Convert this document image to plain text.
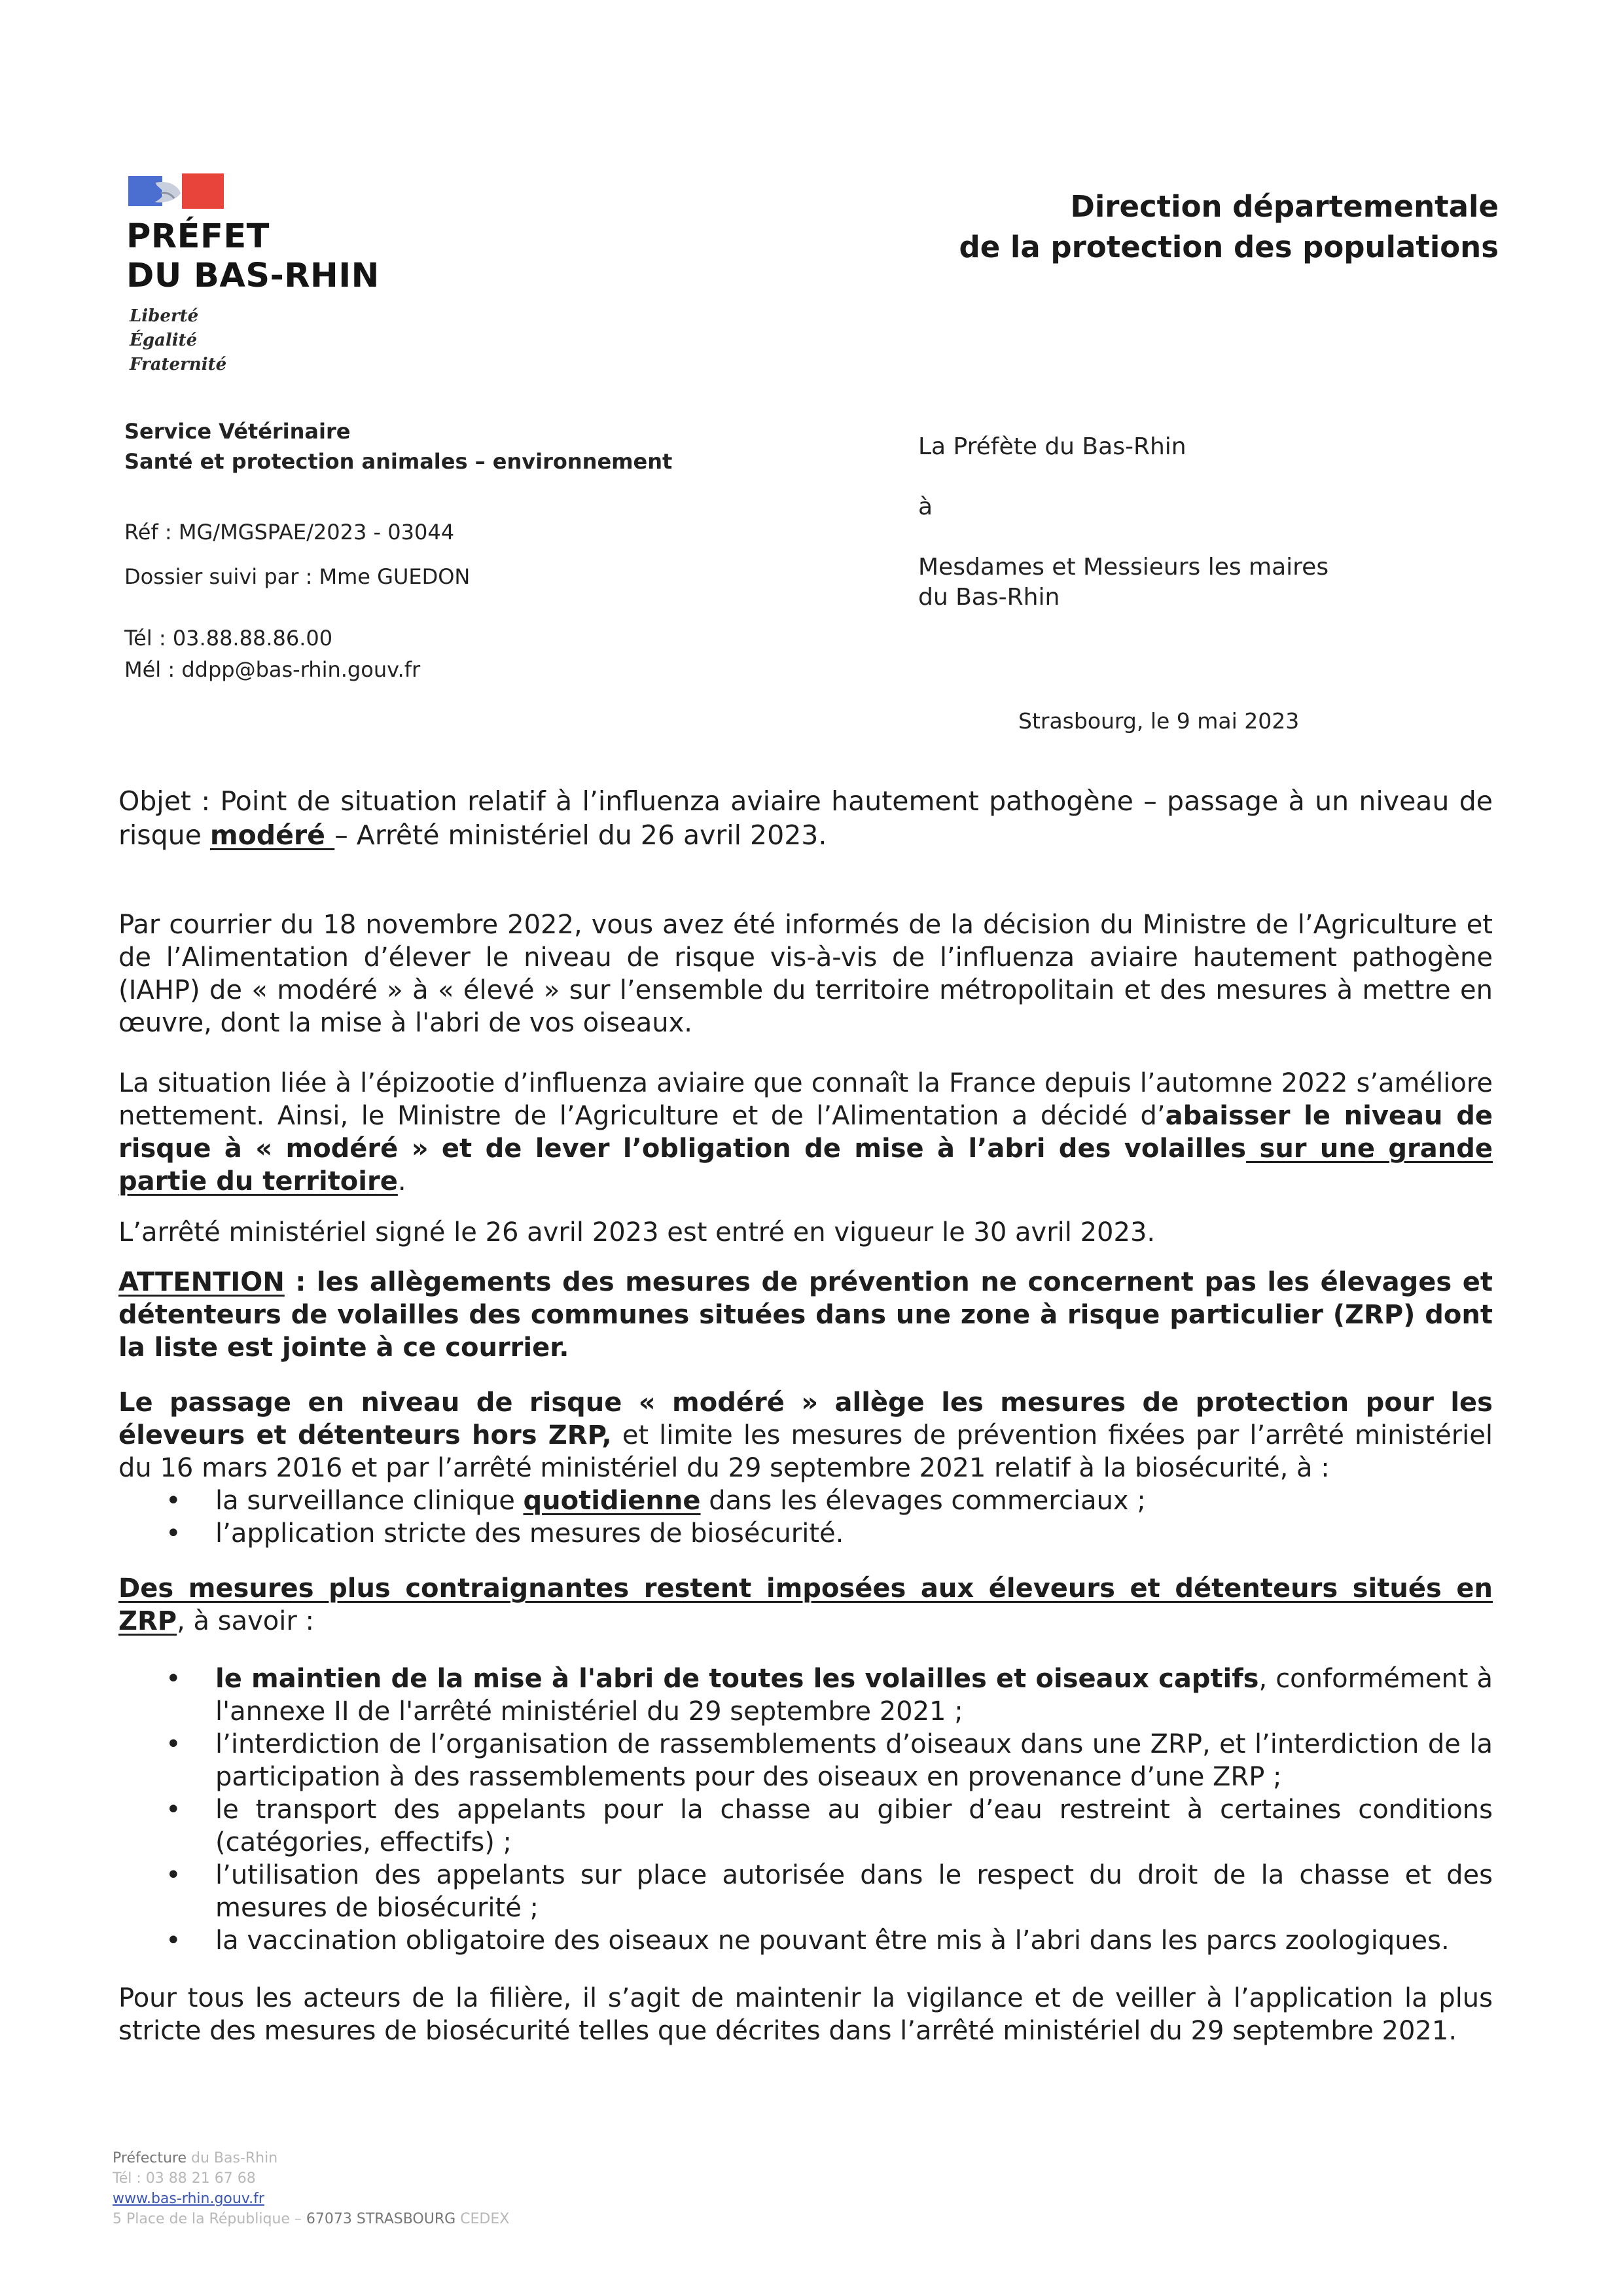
PRÉFET
DU BAS-RHIN
Liberté
Égalité
Fraternité
Direction départementale
de la protection des populations
Service Vétérinaire
Santé et protection animales – environnement
Réf : MG/MGSPAE/2023 - 03044
Dossier suivi par : Mme GUEDON
Tél : 03.88.88.86.00
Mél : ddpp@bas-rhin.gouv.fr
La Préfète du Bas-Rhin
à
Mesdames et Messieurs les maires
du Bas-Rhin
Strasbourg, le 9 mai 2023

Objet : Point de situation relatif à l’influenza aviaire hautement pathogène – passage à un niveau de risque modéré – Arrêté ministériel du 26 avril 2023.

Par courrier du 18 novembre 2022, vous avez été informés de la décision du Ministre de l’Agriculture et de l’Alimentation d’élever le niveau de risque vis-à-vis de l’influenza aviaire hautement pathogène (IAHP) de « modéré » à « élevé » sur l’ensemble du territoire métropolitain et des mesures à mettre en œuvre, dont la mise à l'abri de vos oiseaux.

La situation liée à l’épizootie d’influenza aviaire que connaît la France depuis l’automne 2022 s’améliore nettement. Ainsi, le Ministre de l’Agriculture et de l’Alimentation a décidé d’abaisser le niveau de risque à « modéré » et de lever l’obligation de mise à l’abri des volailles sur une grande partie du territoire.

L’arrêté ministériel signé le 26 avril 2023 est entré en vigueur le 30 avril 2023.

ATTENTION : les allègements des mesures de prévention ne concernent pas les élevages et détenteurs de volailles des communes situées dans une zone à risque particulier (ZRP) dont la liste est jointe à ce courrier.

Le passage en niveau de risque « modéré » allège les mesures de protection pour les éleveurs et détenteurs hors ZRP, et limite les mesures de prévention fixées par l’arrêté ministériel du 16 mars 2016 et par l’arrêté ministériel du 29 septembre 2021 relatif à la biosécurité, à :

• la surveillance clinique quotidienne dans les élevages commerciaux ;
• l’application stricte des mesures de biosécurité.

Des mesures plus contraignantes restent imposées aux éleveurs et détenteurs situés en ZRP, à savoir :

• le maintien de la mise à l'abri de toutes les volailles et oiseaux captifs, conformément à l'annexe II de l'arrêté ministériel du 29 septembre 2021 ;
• l’interdiction de l’organisation de rassemblements d’oiseaux dans une ZRP, et l’interdiction de la participation à des rassemblements pour des oiseaux en provenance d’une ZRP ;
• le transport des appelants pour la chasse au gibier d’eau restreint à certaines conditions (catégories, effectifs) ;
• l’utilisation des appelants sur place autorisée dans le respect du droit de la chasse et des mesures de biosécurité ;
• la vaccination obligatoire des oiseaux ne pouvant être mis à l’abri dans les parcs zoologiques.

Pour tous les acteurs de la filière, il s’agit de maintenir la vigilance et de veiller à l’application la plus stricte des mesures de biosécurité telles que décrites dans l’arrêté ministériel du 29 septembre 2021.

Préfecture du Bas-Rhin
Tél : 03 88 21 67 68
www.bas-rhin.gouv.fr
5 Place de la République – 67073 STRASBOURG CEDEX
